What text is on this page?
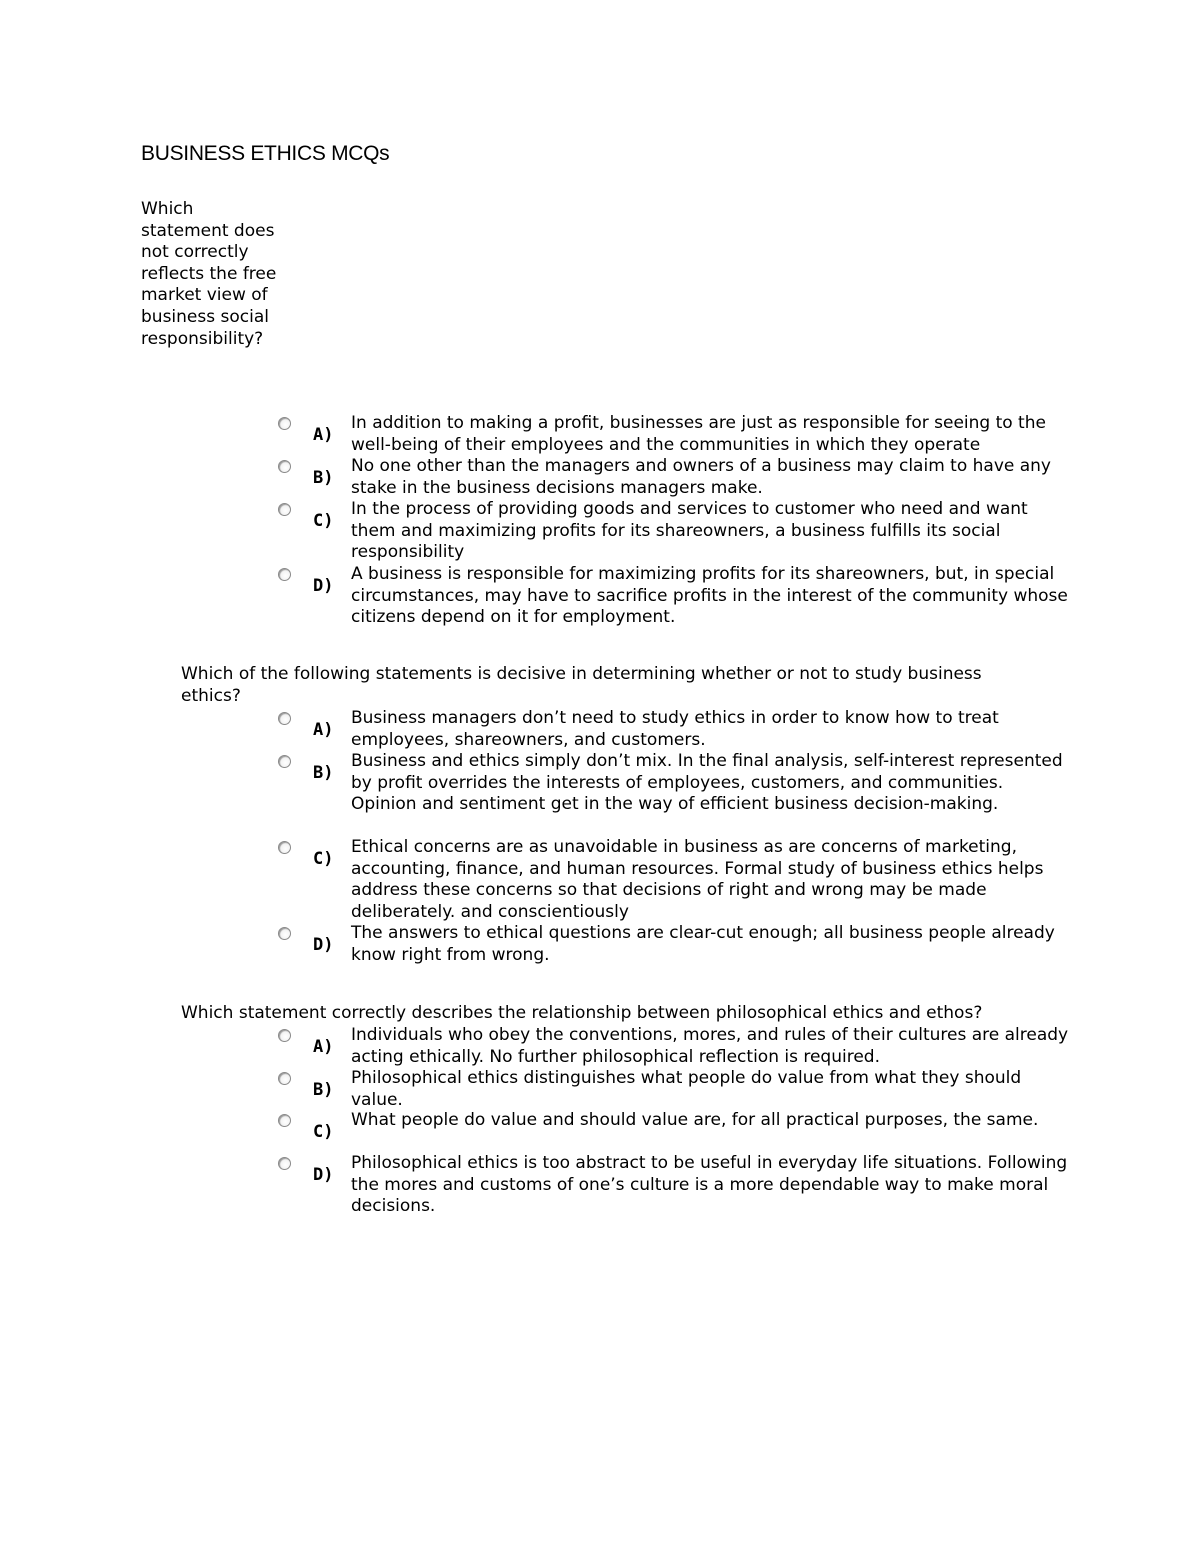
BUSINESS ETHICS MCQs

Which statement does not correctly reflects the free market view of business social responsibility?

A)

In addition to making a profit, businesses are just as responsible for seeing to the well-being of their employees and the communities in which they operate

B)

No one other than the managers and owners of a business may claim to have any stake in the business decisions managers make.

C)

In the process of providing goods and services to customer who need and want them and maximizing profits for its shareowners, a business fulfills its social responsibility

D)

A business is responsible for maximizing profits for its shareowners, but, in special circumstances, may have to sacrifice profits in the interest of the community whose citizens depend on it for employment.

Which of the following statements is decisive in determining whether or not to study business ethics?

A)

Business managers don’t need to study ethics in order to know how to treat employees, shareowners, and customers.

B)

Business and ethics simply don’t mix. In the final analysis, self-interest represented by profit overrides the interests of employees, customers, and communities. Opinion and sentiment get in the way of efficient business decision-making.

C)

Ethical concerns are as unavoidable in business as are concerns of marketing, accounting, finance, and human resources. Formal study of business ethics helps address these concerns so that decisions of right and wrong may be made deliberately. and conscientiously

D)

The answers to ethical questions are clear-cut enough; all business people already know right from wrong.

Which statement correctly describes the relationship between philosophical ethics and ethos?

A)

Individuals who obey the conventions, mores, and rules of their cultures are already acting ethically. No further philosophical reflection is required.

B)

Philosophical ethics distinguishes what people do value from what they should value.

C)

What people do value and should value are, for all practical purposes, the same.

D)

Philosophical ethics is too abstract to be useful in everyday life situations. Following the mores and customs of one’s culture is a more dependable way to make moral decisions.
